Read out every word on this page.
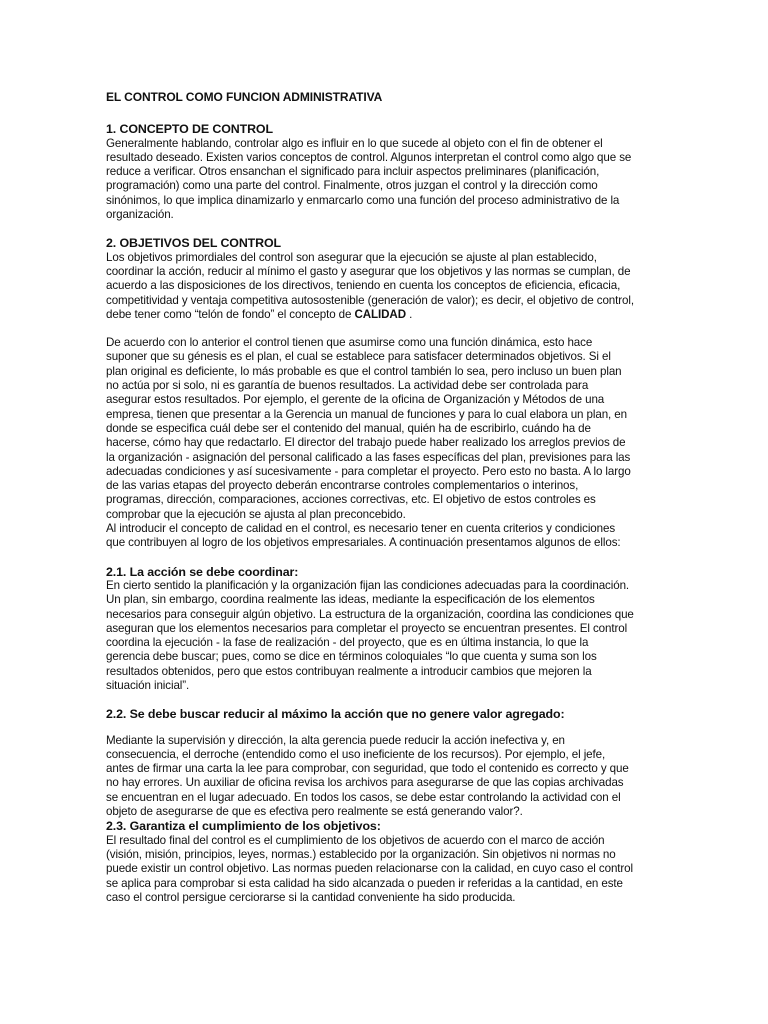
EL CONTROL COMO FUNCION ADMINISTRATIVA
1. CONCEPTO DE CONTROL

Generalmente hablando, controlar algo es influir en lo que sucede al objeto con el fin de obtener el resultado deseado. Existen varios conceptos de control. Algunos interpretan el control como algo que se reduce a verificar. Otros ensanchan el significado para incluir aspectos preliminares (planificación, programación) como una parte del control. Finalmente, otros juzgan el control y la dirección como sinónimos, lo que implica dinamizarlo y enmarcarlo como una función del proceso administrativo de la organización.

2. OBJETIVOS DEL CONTROL

Los objetivos primordiales del control son asegurar que la ejecución se ajuste al plan establecido, coordinar la acción, reducir al mínimo el gasto y asegurar que los objetivos y las normas se cumplan, de acuerdo a las disposiciones de los directivos, teniendo en cuenta los conceptos de eficiencia, eficacia, competitividad y ventaja competitiva autosostenible (generación de valor); es decir, el objetivo de control, debe tener como “telón de fondo” el concepto de CALIDAD .

De acuerdo con lo anterior el control tienen que asumirse como una función dinámica, esto hace suponer que su génesis es el plan, el cual se establece para satisfacer determinados objetivos. Si el plan original es deficiente, lo más probable es que el control también lo sea, pero incluso un buen plan no actúa por si solo, ni es garantía de buenos resultados. La actividad debe ser controlada para asegurar estos resultados. Por ejemplo, el gerente de la oficina de Organización y Métodos de una empresa, tienen que presentar a la Gerencia un manual de funciones y para lo cual elabora un plan, en donde se especifica cuál debe ser el contenido del manual, quién ha de escribirlo, cuándo ha de hacerse, cómo hay que redactarlo. El director del trabajo puede haber realizado los arreglos previos de la organización - asignación del personal calificado a las fases específicas del plan, previsiones para las adecuadas condiciones y así sucesivamente - para completar el proyecto. Pero esto no basta. A lo largo de las varias etapas del proyecto deberán encontrarse controles complementarios o interinos, programas, dirección, comparaciones, acciones correctivas, etc. El objetivo de estos controles es comprobar que la ejecución se ajusta al plan preconcebido.

Al introducir el concepto de calidad en el control, es necesario tener en cuenta criterios y condiciones que contribuyen al logro de los objetivos empresariales. A continuación presentamos algunos de ellos:

2.1. La acción se debe coordinar:

En cierto sentido la planificación y la organización fijan las condiciones adecuadas para la coordinación. Un plan, sin embargo, coordina realmente las ideas, mediante la especificación de los elementos necesarios para conseguir algún objetivo. La estructura de la organización, coordina las condiciones que aseguran que los elementos necesarios para completar el proyecto se encuentran presentes. El control coordina la ejecución - la fase de realización - del proyecto, que es en última instancia, lo que la gerencia debe buscar; pues, como se dice en términos coloquiales “lo que cuenta y suma son los resultados obtenidos, pero que estos contribuyan realmente a introducir cambios que mejoren la situación inicial”.

2.2. Se debe buscar reducir al máximo la acción que no genere valor agregado:

Mediante la supervisión y dirección, la alta gerencia puede reducir la acción inefectiva y, en consecuencia, el derroche (entendido como el uso ineficiente de los recursos). Por ejemplo, el jefe, antes de firmar una carta la lee para comprobar, con seguridad, que todo el contenido es correcto y que no hay errores. Un auxiliar de oficina revisa los archivos para asegurarse de que las copias archivadas se encuentran en el lugar adecuado. En todos los casos, se debe estar controlando la actividad con el objeto de asegurarse de que es efectiva pero realmente se está generando valor?.

2.3. Garantiza el cumplimiento de los objetivos:

El resultado final del control es el cumplimiento de los objetivos de acuerdo con el marco de acción (visión, misión, principios, leyes, normas.) establecido por la organización. Sin objetivos ni normas no puede existir un control objetivo. Las normas pueden relacionarse con la calidad, en cuyo caso el control se aplica para comprobar si esta calidad ha sido alcanzada o pueden ir referidas a la cantidad, en este caso el control persigue cerciorarse si la cantidad conveniente ha sido producida.
